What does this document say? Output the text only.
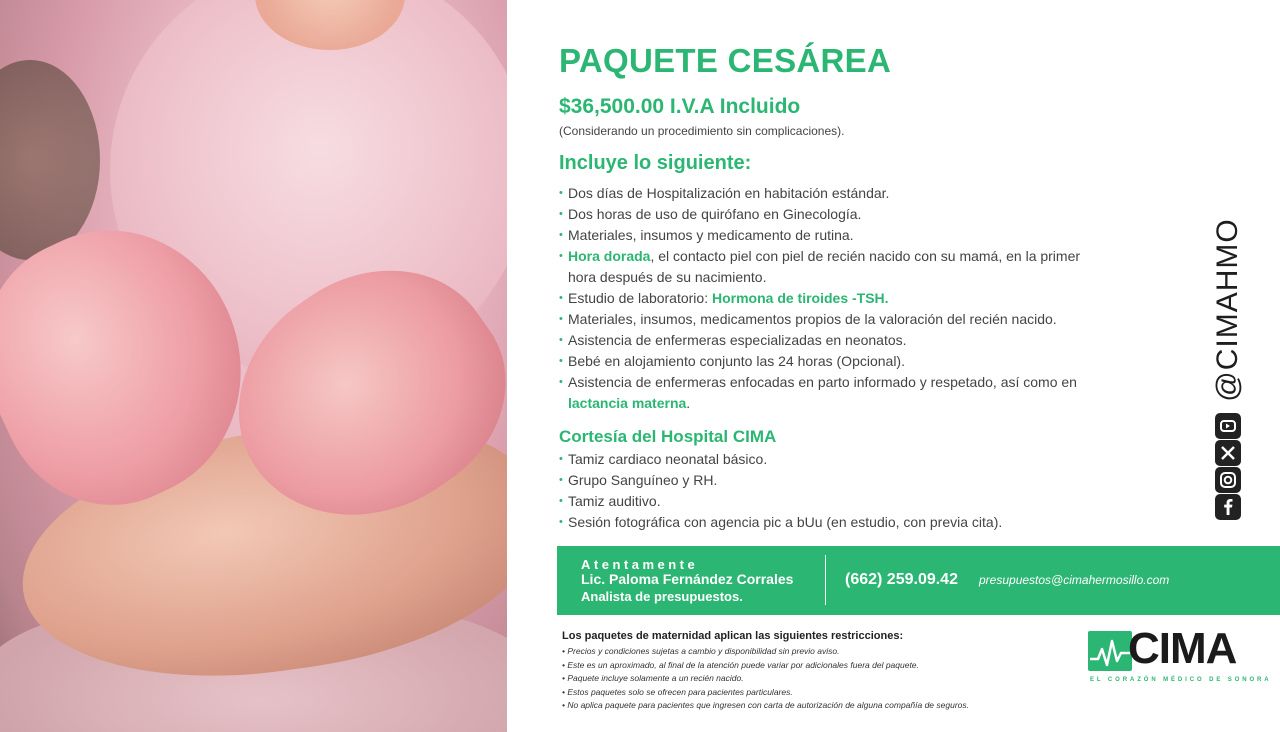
PAQUETE CESÁREA
$36,500.00 I.V.A Incluido
(Considerando un procedimiento sin complicaciones).
Incluye lo siguiente:
• Dos días de Hospitalización en habitación estándar.
• Dos horas de uso de quirófano en Ginecología.
• Materiales, insumos y medicamento de rutina.
• Hora dorada, el contacto piel con piel de recién nacido con su mamá, en la primer hora después de su nacimiento.
• Estudio de laboratorio: Hormona de tiroides -TSH.
• Materiales, insumos, medicamentos propios de la valoración del recién nacido.
• Asistencia de enfermeras especializadas en neonatos.
• Bebé en alojamiento conjunto las 24 horas (Opcional).
• Asistencia de enfermeras enfocadas en parto informado y respetado, así como en lactancia materna.
Cortesía del Hospital CIMA
• Tamiz cardiaco neonatal básico.
• Grupo Sanguíneo y RH.
• Tamiz auditivo.
• Sesión fotográfica con agencia pic a bUu (en estudio, con previa cita).
@CIMAHMO
Atentamente
Lic. Paloma Fernández Corrales
Analista de presupuestos.
(662) 259.09.42 presupuestos@cimahermosillo.com
Los paquetes de maternidad aplican las siguientes restricciones:
• Precios y condiciones sujetas a cambio y disponibilidad sin previo aviso.
• Este es un aproximado, al final de la atención puede variar por adicionales fuera del paquete.
• Paquete incluye solamente a un recién nacido.
• Estos paquetes solo se ofrecen para pacientes particulares.
• No aplica paquete para pacientes que ingresen con carta de autorización de alguna compañía de seguros.
CIMA
EL CORAZÓN MÉDICO DE SONORA
